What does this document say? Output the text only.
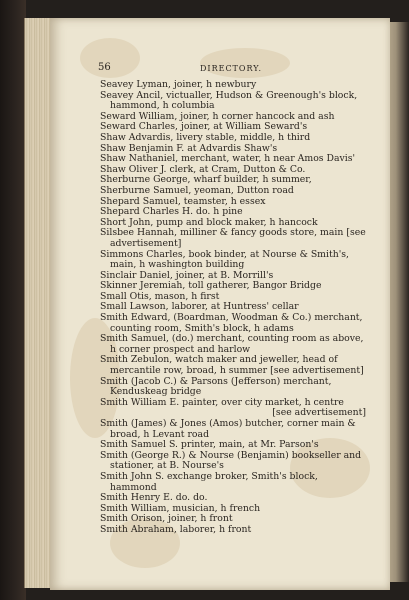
56	DIRECTORY.

Seavey Lyman, joiner, h newbury

Seavey Ancil, victualler, Hudson & Greenough's block, hammond, h columbia

Seward William, joiner, h corner hancock and ash

Seward Charles, joiner, at William Seward's

Shaw Advardis, livery stable, middle, h third

Shaw Benjamin F. at Advardis Shaw's

Shaw Nathaniel, merchant, water, h near Amos Davis'

Shaw Oliver J. clerk, at Cram, Dutton & Co.

Sherburne George, wharf builder, h summer,

Sherburne Samuel, yeoman, Dutton road

Shepard Samuel, teamster, h essex

Shepard Charles H. do. h pine

Short John, pump and block maker, h hancock

Silsbee Hannah, milliner & fancy goods store, main [see advertisement]

Simmons Charles, book binder, at Nourse & Smith's, main, h washington building

Sinclair Daniel, joiner, at B. Morrill's

Skinner Jeremiah, toll gatherer, Bangor Bridge

Small Otis, mason, h first

Small Lawson, laborer, at Huntress' cellar

Smith Edward, (Boardman, Woodman & Co.) merchant, counting room, Smith's block, h adams

Smith Samuel, (do.) merchant, counting room as above, h corner prospect and harlow

Smith Zebulon, watch maker and jeweller, head of mercantile row, broad, h summer [see advertisement]

Smith (Jacob C.) & Parsons (Jefferson) merchant, Kenduskeag bridge

Smith William E. painter, over city market, h centre
[see advertisement]

Smith (James) & Jones (Amos) butcher, corner main & broad, h Levant road

Smith Samuel S. printer, main, at Mr. Parson's

Smith (George R.) & Nourse (Benjamin) bookseller and stationer, at B. Nourse's

Smith John S. exchange broker, Smith's block, hammond

Smith Henry E. do. do.

Smith William, musician, h french

Smith Orison, joiner, h front

Smith Abraham, laborer, h front
